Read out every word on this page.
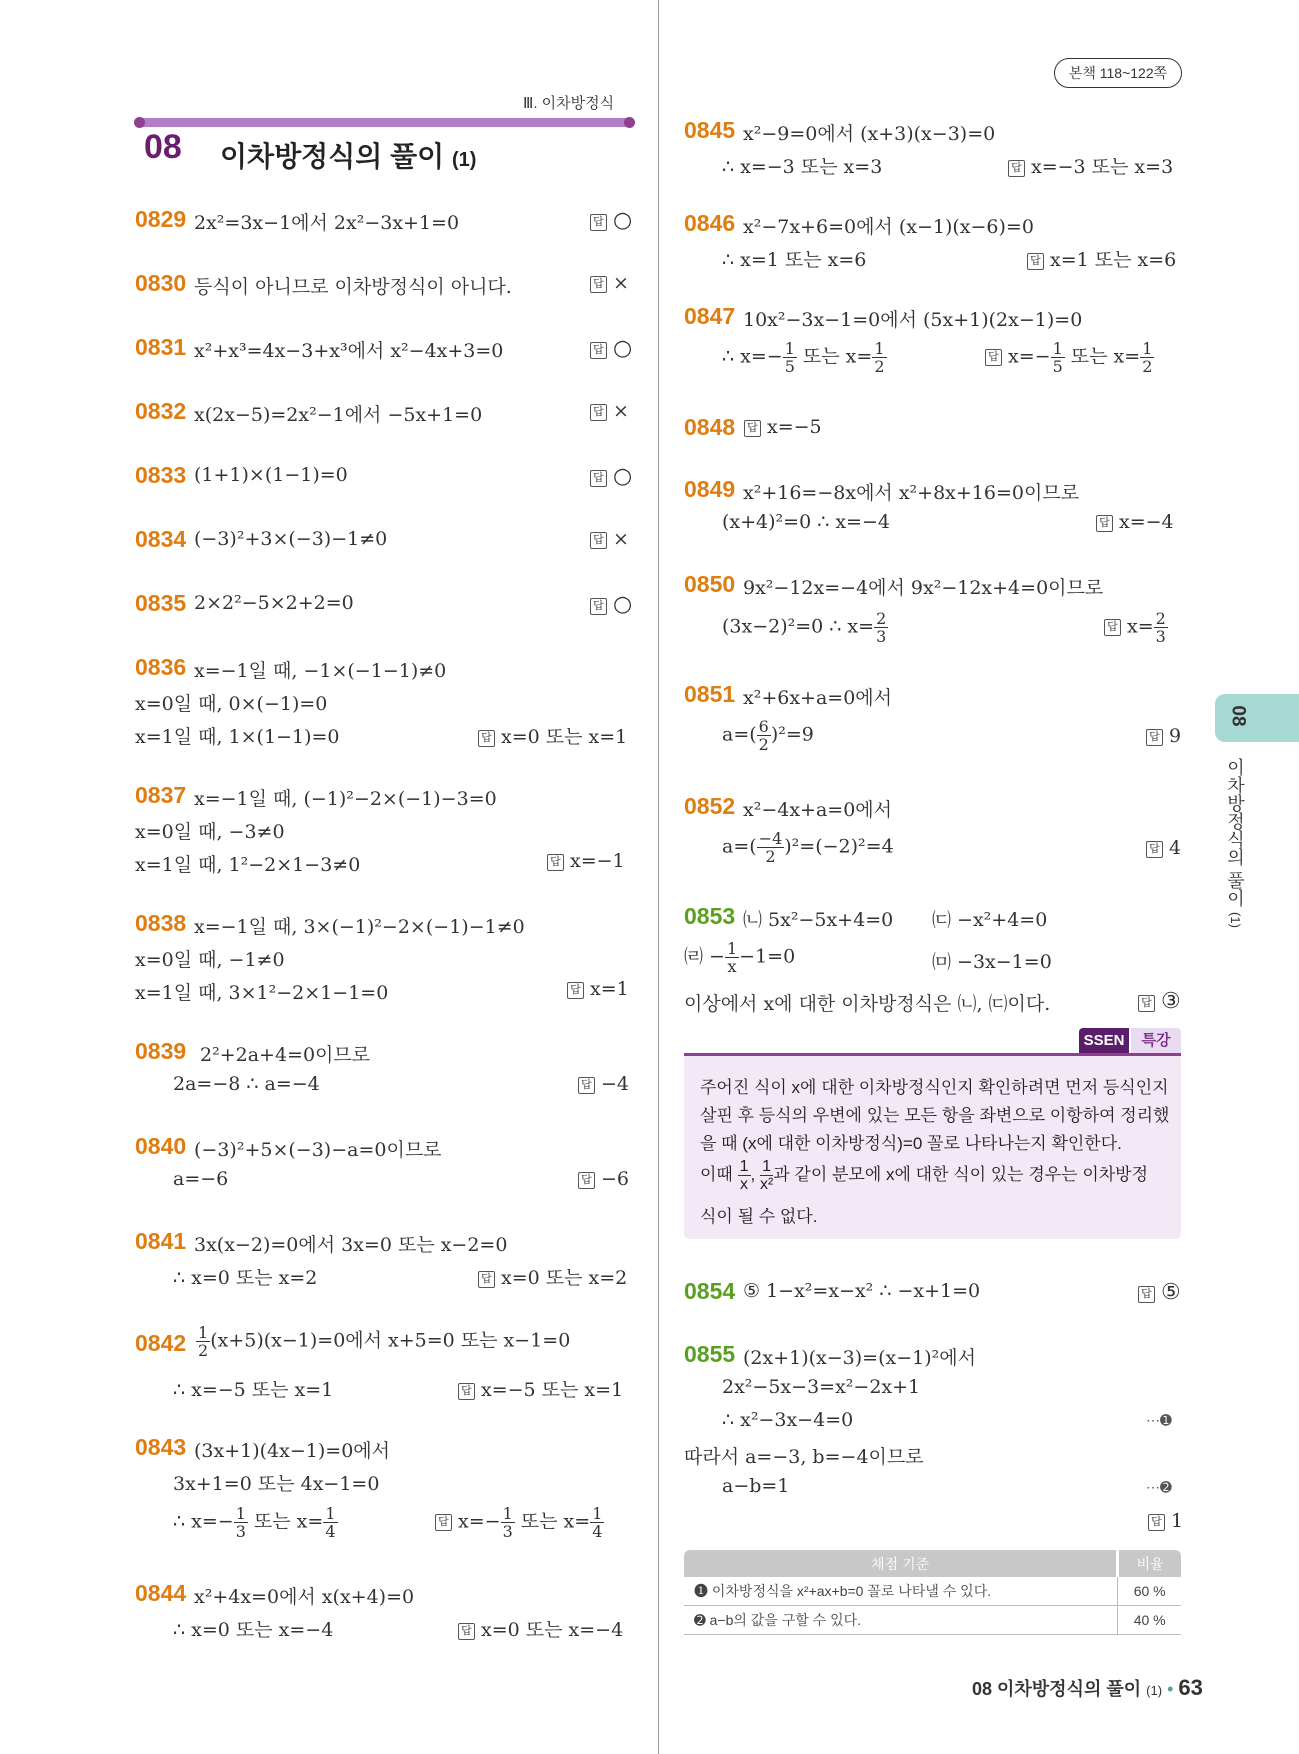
본책 118~122쪽
Ⅲ. 이차방정식
08 이차방정식의 풀이 (1)
0829 2x²=3x−1에서 2x²−3x+1=0	답 ○
0830 등식이 아니므로 이차방정식이 아니다.	답 ×
0831 x²+x³=4x−3+x³에서 x²−4x+3=0	답 ○
0832 x(2x−5)=2x²−1에서 −5x+1=0	답 ×
0833 (1+1)×(1−1)=0	답 ○
0834 (−3)²+3×(−3)−1≠0	답 ×
0835 2×2²−5×2+2=0	답 ○
0836 x=−1일 때, −1×(−1−1)≠0
x=0일 때, 0×(−1)=0
x=1일 때, 1×(1−1)=0	답 x=0 또는 x=1
0837 x=−1일 때, (−1)²−2×(−1)−3=0
x=0일 때, −3≠0
x=1일 때, 1²−2×1−3≠0	답 x=−1
0838 x=−1일 때, 3×(−1)²−2×(−1)−1≠0
x=0일 때, −1≠0
x=1일 때, 3×1²−2×1−1=0	답 x=1
0839 2²+2a+4=0이므로
2a=−8 ∴ a=−4	답 −4
0840 (−3)²+5×(−3)−a=0이므로
a=−6	답 −6
0841 3x(x−2)=0에서 3x=0 또는 x−2=0
∴ x=0 또는 x=2	답 x=0 또는 x=2
$0842 \frac{1}{2} (x+5)(x-1)=0$에서 x+5=0 또는 x−1=0
∴ x=−5 또는 x=1	답 x=−5 또는 x=1
0843 (3x+1)(4x−1)=0에서
3x+1=0 또는 4x−1=0
∴ $x=- \frac{1}{3}$ 또는 $x= \frac{1}{4}$	답 $x=- \frac{1}{3}$ 또는 $x= \frac{1}{4}$
0844 x²+4x=0에서 x(x+4)=0
∴ x=0 또는 x=−4	답 x=0 또는 x=−4
0845 x²−9=0에서 (x+3)(x−3)=0
∴ x=−3 또는 x=3	답 x=−3 또는 x=3
0846 x²−7x+6=0에서 (x−1)(x−6)=0
∴ x=1 또는 x=6	답 x=1 또는 x=6
0847 10x²−3x−1=0에서 (5x+1)(2x−1)=0
∴ $x=- \frac{1}{5}$ 또는 $x= \frac{1}{2}$	답 $x=- \frac{1}{5}$ 또는 $x= \frac{1}{2}$
0848 답 x=−5
0849 x²+16=−8x에서 x²+8x+16=0이므로
(x+4)²=0 ∴ x=−4	답 x=−4
0850 9x²−12x=−4에서 9x²−12x+4=0이므로
(3x−2)²=0 ∴ $x= \frac{2}{3}$	답 $x= \frac{2}{3}$
0851 x²+6x+a=0에서
$a=( \frac{6}{2} )^2=9$	답 9
0852 x²−4x+a=0에서
$a=( \frac{-4}{2} )^2=(-2)^2=4$	답 4
0853 ㈁ 5x²−5x+4=0 ㈂ −x²+4=0
㈃ − $\frac{1}{x} -1=0$	㈄ −3x−1=0
이상에서 x에 대한 이차방정식은 ㈁, ㈂이다.	답 ③
SSEN	특강
주어진 식이 x에 대한 이차방정식인지 확인하려면 먼저 등식인지
살핀 후 등식의 우변에 있는 모든 항을 좌변으로 이항하여 정리했
을 때 (x에 대한 이차방정식)=0 꼴로 나타나는지 확인한다.
이때 $\frac{1}{x}$ , $\frac{1}{\text{x²}}$ 과 같이 분모에 x에 대한 식이 있는 경우는 이차방정
식이 될 수 없다.
0854 ⑤ 1−x²=x−x² ∴ −x+1=0	답 ⑤
0855 (2x+1)(x−3)=(x−1)²에서
2x²−5x−3=x²−2x+1
∴ x²−3x−4=0	⋯➊
따라서 a=−3, b=−4이므로
a−b=1	⋯➋
답 1
채점 기준	비율
➊ 이차방정식을 x²+ax+b=0 꼴로 나타낼 수 있다.	60 %
➋ a−b의 값을 구할 수 있다.	40 %
08
이차방정식의 풀이 (1)
08 이차방정식의 풀이 (1) • 63
